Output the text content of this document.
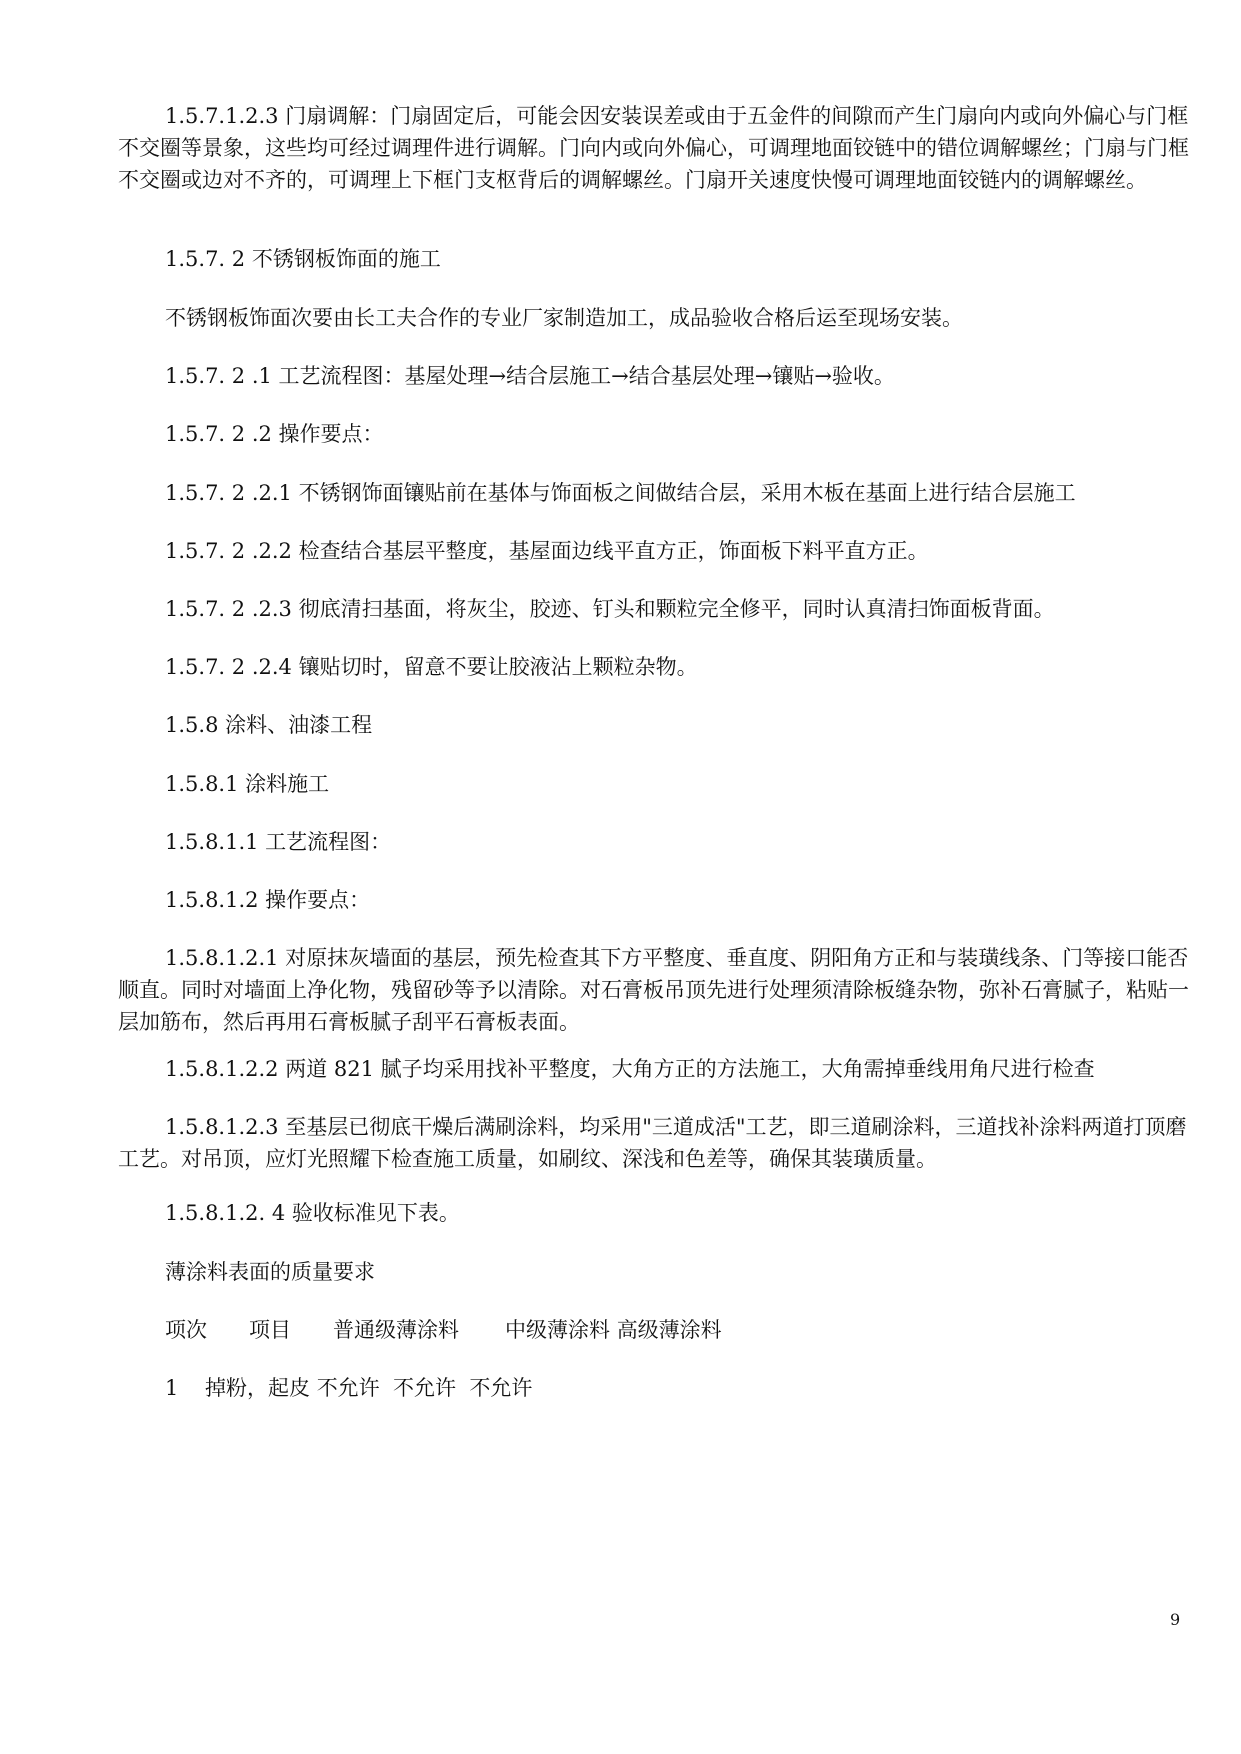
1.5.7.1.2.3 门扇调解：门扇固定后，可能会因安装误差或由于五金件的间隙而产生门扇向内或向外偏心与门框不交圈等景象，这些均可经过调理件进行调解。门向内或向外偏心，可调理地面铰链中的错位调解螺丝；门扇与门框不交圈或边对不齐的，可调理上下框门支枢背后的调解螺丝。门扇开关速度快慢可调理地面铰链内的调解螺丝。

1.5.7. 2 不锈钢板饰面的施工

不锈钢板饰面次要由长工夫合作的专业厂家制造加工，成品验收合格后运至现场安装。

1.5.7. 2 .1 工艺流程图：基屋处理→结合层施工→结合基层处理→镶贴→验收。

1.5.7. 2 .2 操作要点：

1.5.7. 2 .2.1 不锈钢饰面镶贴前在基体与饰面板之间做结合层，采用木板在基面上进行结合层施工

1.5.7. 2 .2.2 检查结合基层平整度，基屋面边线平直方正，饰面板下料平直方正。

1.5.7. 2 .2.3 彻底清扫基面，将灰尘，胶迹、钉头和颗粒完全修平，同时认真清扫饰面板背面。

1.5.7. 2 .2.4 镶贴切时，留意不要让胶液沾上颗粒杂物。

1.5.8 涂料、油漆工程

1.5.8.1 涂料施工

1.5.8.1.1 工艺流程图：

1.5.8.1.2 操作要点：

1.5.8.1.2.1 对原抹灰墙面的基层，预先检查其下方平整度、垂直度、阴阳角方正和与装璜线条、门等接口能否顺直。同时对墙面上净化物，残留砂等予以清除。对石膏板吊顶先进行处理须清除板缝杂物，弥补石膏腻子，粘贴一层加筋布，然后再用石膏板腻子刮平石膏板表面。

1.5.8.1.2.2 两道 821 腻子均采用找补平整度，大角方正的方法施工，大角需掉垂线用角尺进行检查

1.5.8.1.2.3 至基层已彻底干燥后满刷涂料，均采用"三道成活"工艺，即三道刷涂料，三道找补涂料两道打顶磨工艺。对吊顶，应灯光照耀下检查施工质量，如刷纹、深浅和色差等，确保其装璜质量。

1.5.8.1.2. 4 验收标准见下表。

薄涂料表面的质量要求

项次 项目 普通级薄涂料 中级薄涂料 高级薄涂料
1 掉粉，起皮 不允许 不允许 不允许
9
